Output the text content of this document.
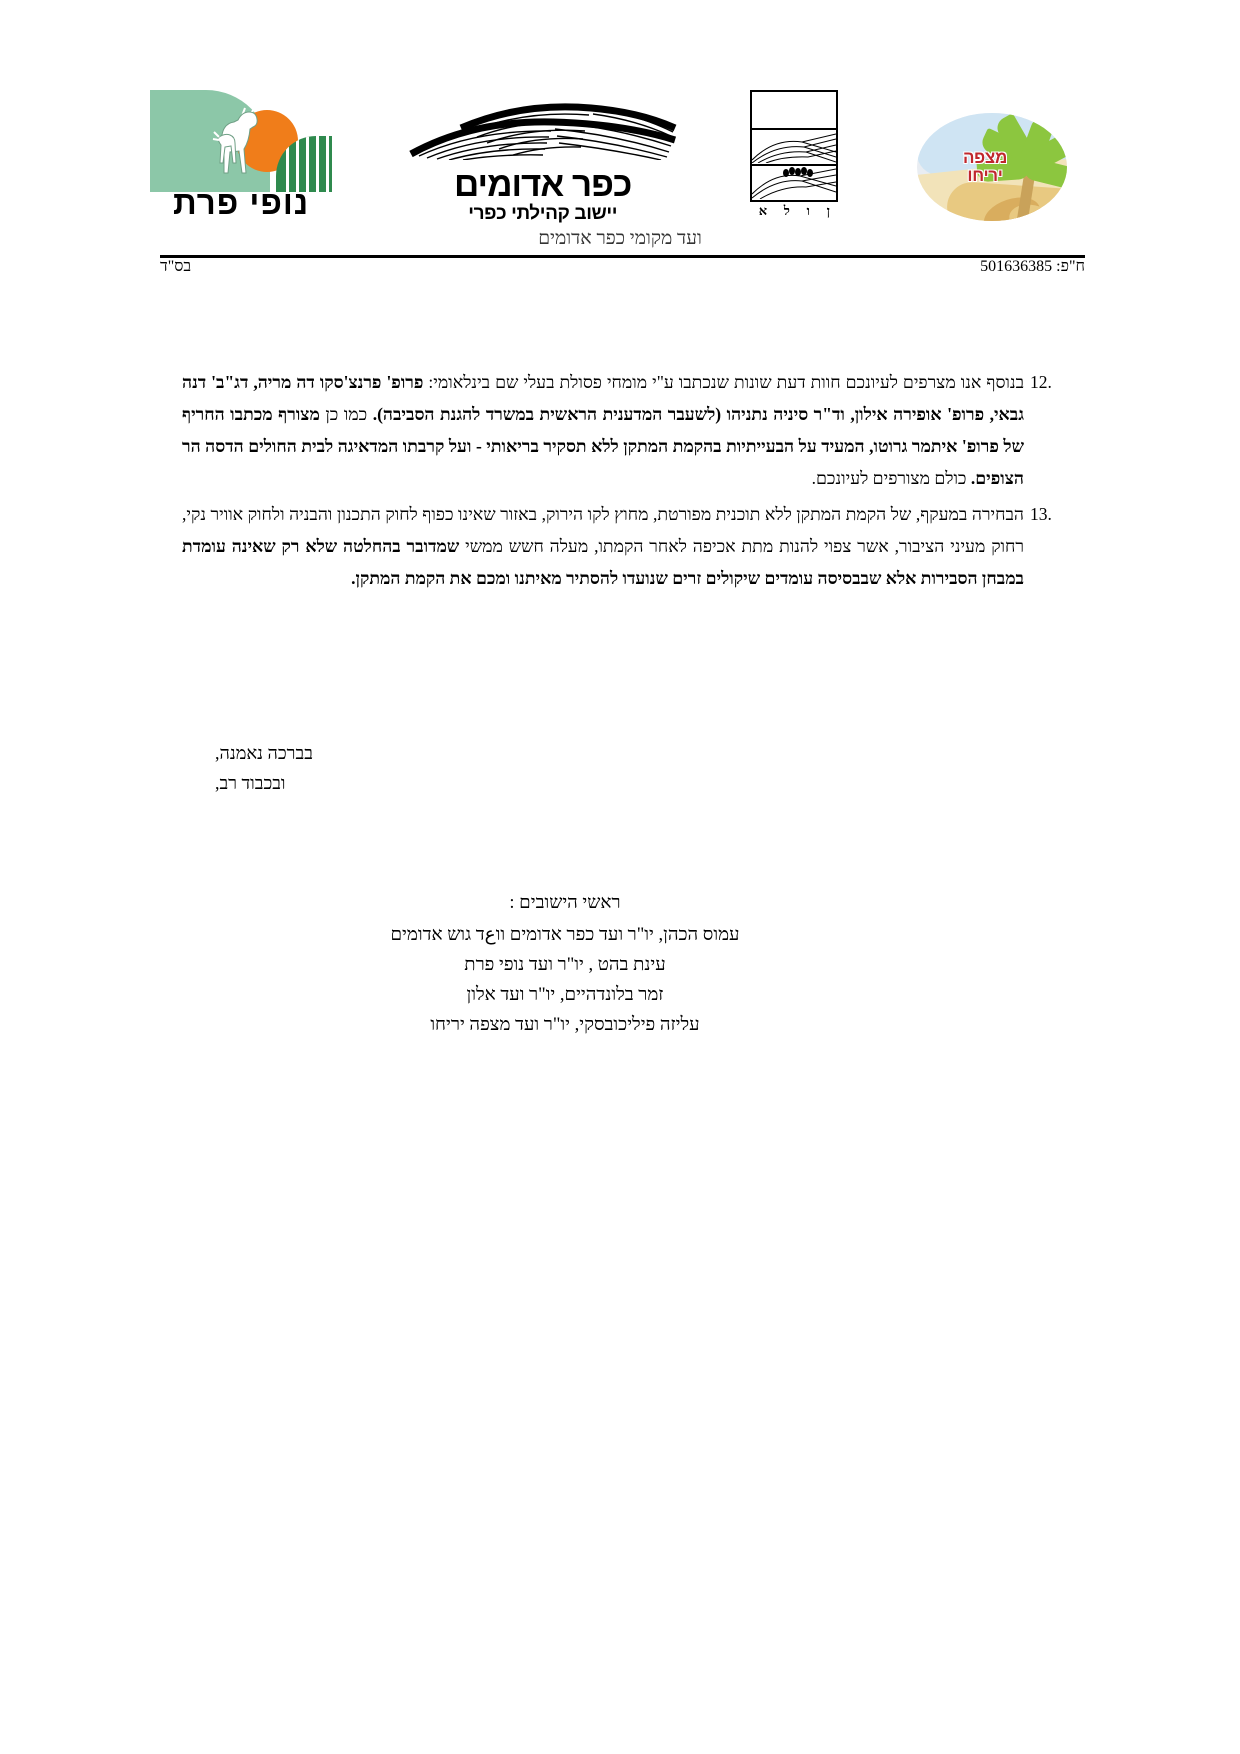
מצפה
יריחו
ן
ו
ל
א
כפר אדומים
יישוב קהילתי כפרי
נופי פרת
ועד מקומי כפר אדומים
ח"פ: 501636385
בס"ד
12.
בנוסף אנו מצרפים לעיונכם חוות דעת שונות שנכתבו ע"י מומחי פסולת בעלי שם בינלאומי: פרופ' פרנצ'סקו דה מריה, דג"ב' דנה גבאי, פרופ' אופירה אילון, וד"ר סיניה נתניהו (לשעבר המדענית הראשית במשרד להגנת הסביבה). כמו כן מצורף מכתבו החריף של פרופ' איתמר גרוטו, המעיד על הבעייתיות בהקמת המתקן ללא תסקיר בריאותי - ועל קרבתו המדאיגה לבית החולים הדסה הר הצופים. כולם מצורפים לעיונכם.
13.
הבחירה במעקף, של הקמת המתקן ללא תוכנית מפורטת, מחוץ לקו הירוק, באזור שאינו כפוף לחוק התכנון והבניה ולחוק אוויר נקי, רחוק מעיני הציבור, אשר צפוי להנות מתת אכיפה לאחר הקמתו, מעלה חשש ממשי שמדובר בהחלטה שלא רק שאינה עומדת במבחן הסבירות אלא שבבסיסה עומדים שיקולים זרים שנועדו להסתיר מאיתנו ומכם את הקמת המתקן.
בברכה נאמנה,
ובכבוד רב,
ראשי הישובים :
עמוס הכהן, יו"ר ועד כפר אדומים ווعד גוש אדומים
עינת בהט , יו"ר ועד נופי פרת
זמר בלונדהיים, יו"ר ועד אלון
עליזה פיליכובסקי, יו"ר ועד מצפה יריחו
